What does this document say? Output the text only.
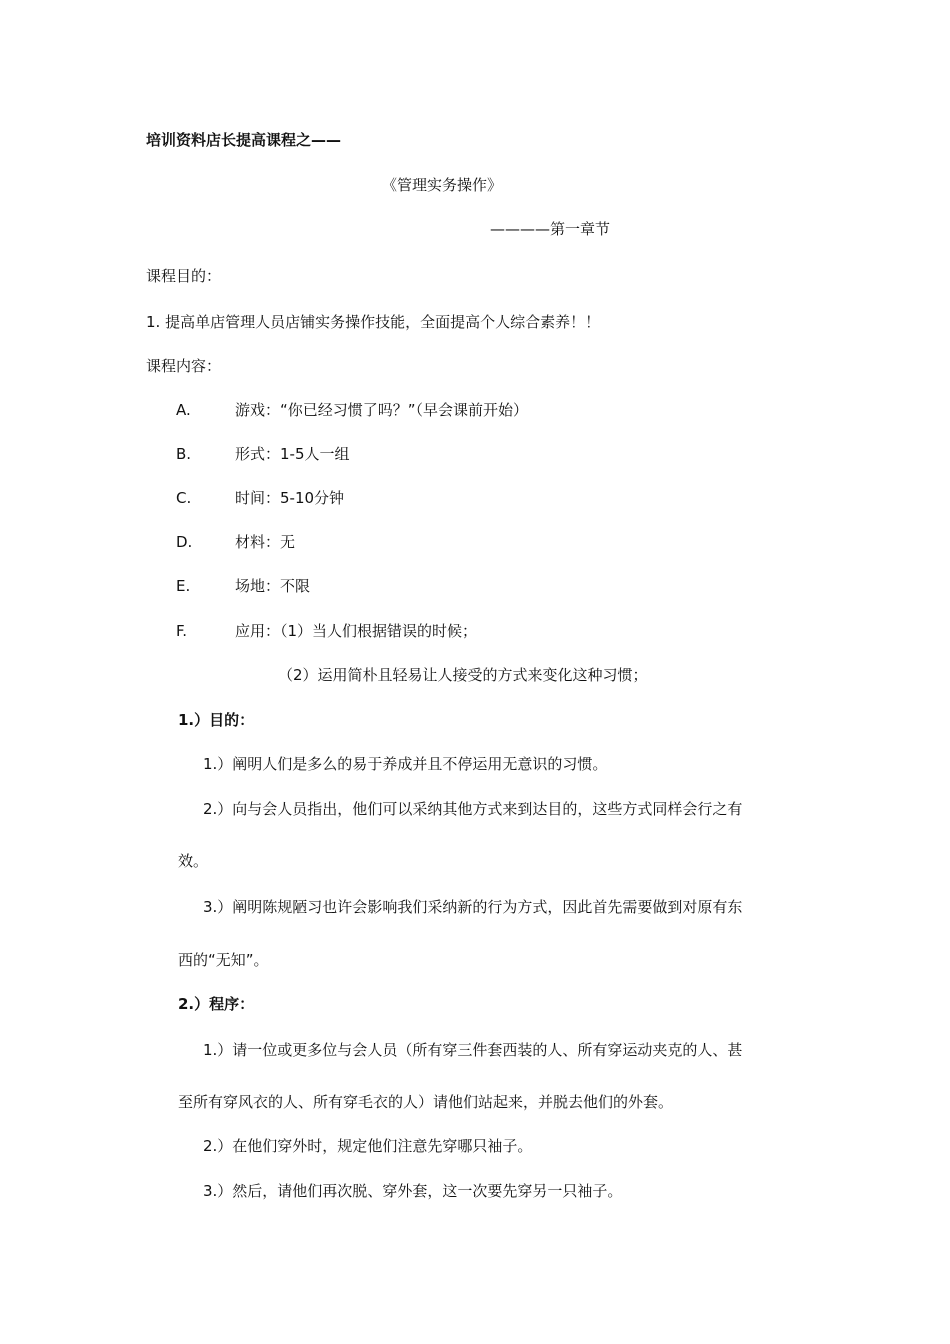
培训资料店长提高课程之——
《管理实务操作》
————第一章节
课程目的：
1. 提高单店管理人员店铺实务操作技能，全面提高个人综合素养！！
课程内容：
A.	游戏：“你已经习惯了吗？”（早会课前开始）
B.	形式：1-5人一组
C.	时间：5-10分钟
D.	材料：无
E.	场地：不限
F.	应用：（1）当人们根据错误的时候；
（2）运用简朴且轻易让人接受的方式来变化这种习惯；
1.）目的：
1.）阐明人们是多么的易于养成并且不停运用无意识的习惯。
2.）向与会人员指出，他们可以采纳其他方式来到达目的，这些方式同样会行之有
效。
3.）阐明陈规陋习也许会影响我们采纳新的行为方式，因此首先需要做到对原有东
西的“无知”。
2.）程序：
1.）请一位或更多位与会人员（所有穿三件套西装的人、所有穿运动夹克的人、甚
至所有穿风衣的人、所有穿毛衣的人）请他们站起来，并脱去他们的外套。
2.）在他们穿外时，规定他们注意先穿哪只袖子。
3.）然后，请他们再次脱、穿外套，这一次要先穿另一只袖子。
